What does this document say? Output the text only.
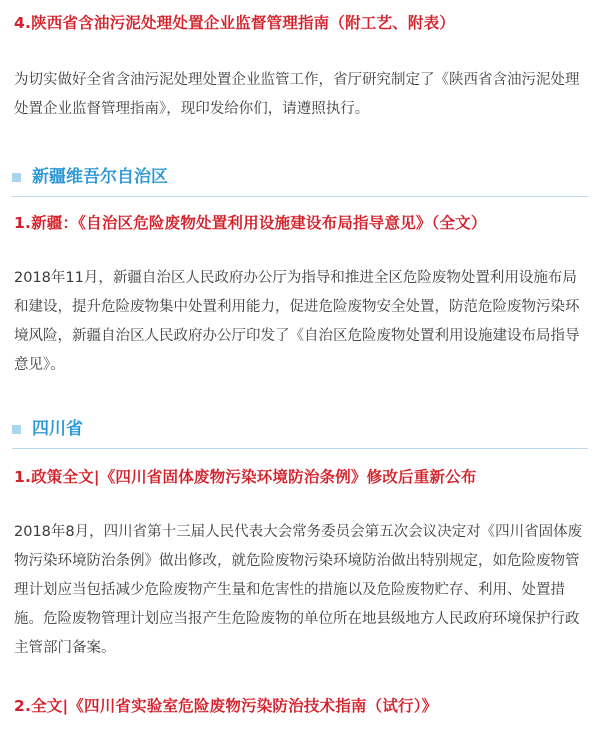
4.陕西省含油污泥处理处置企业监督管理指南（附工艺、附表）

为切实做好全省含油污泥处理处置企业监管工作，省厅研究制定了《陕西省含油污泥处理处置企业监督管理指南》，现印发给你们，请遵照执行。

新疆维吾尔自治区
1.新疆：《自治区危险废物处置利用设施建设布局指导意见》（全文）

2018年11月，新疆自治区人民政府办公厅为指导和推进全区危险废物处置利用设施布局和建设，提升危险废物集中处置利用能力，促进危险废物安全处置，防范危险废物污染环境风险，新疆自治区人民政府办公厅印发了《自治区危险废物处置利用设施建设布局指导意见》。

四川省
1.政策全文|《四川省固体废物污染环境防治条例》修改后重新公布

2018年8月，四川省第十三届人民代表大会常务委员会第五次会议决定对《四川省固体废物污染环境防治条例》做出修改，就危险废物污染环境防治做出特别规定，如危险废物管理计划应当包括减少危险废物产生量和危害性的措施以及危险废物贮存、利用、处置措施。危险废物管理计划应当报产生危险废物的单位所在地县级地方人民政府环境保护行政主管部门备案。

2.全文|《四川省实验室危险废物污染防治技术指南（试行）》
